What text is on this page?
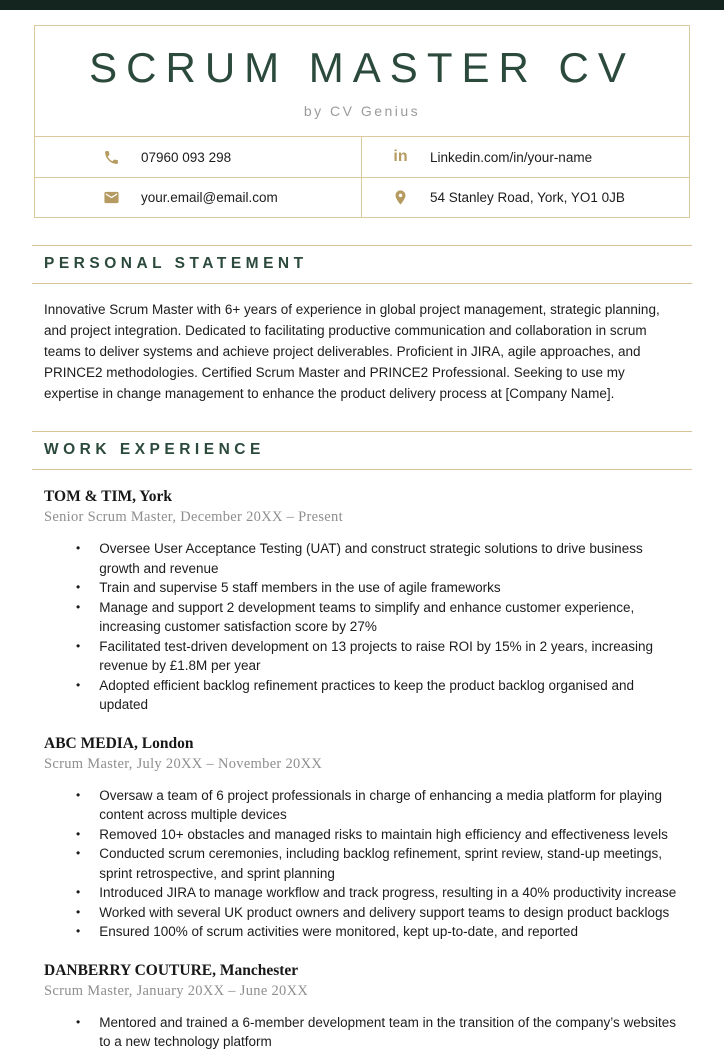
SCRUM MASTER CV
by CV Genius
07960 093 298	in Linkedin.com/in/your-name
your.email@email.com	54 Stanley Road, York, YO1 0JB
PERSONAL STATEMENT

Innovative Scrum Master with 6+ years of experience in global project management, strategic planning, and project integration. Dedicated to facilitating productive communication and collaboration in scrum teams to deliver systems and achieve project deliverables. Proficient in JIRA, agile approaches, and PRINCE2 methodologies. Certified Scrum Master and PRINCE2 Professional. Seeking to use my expertise in change management to enhance the product delivery process at [Company Name].

WORK EXPERIENCE
TOM & TIM, York
Senior Scrum Master, December 20XX – Present
• Oversee User Acceptance Testing (UAT) and construct strategic solutions to drive business growth and revenue
• Train and supervise 5 staff members in the use of agile frameworks
• Manage and support 2 development teams to simplify and enhance customer experience, increasing customer satisfaction score by 27%
• Facilitated test-driven development on 13 projects to raise ROI by 15% in 2 years, increasing revenue by £1.8M per year
• Adopted efficient backlog refinement practices to keep the product backlog organised and updated
ABC MEDIA, London
Scrum Master, July 20XX – November 20XX
• Oversaw a team of 6 project professionals in charge of enhancing a media platform for playing content across multiple devices
• Removed 10+ obstacles and managed risks to maintain high efficiency and effectiveness levels
• Conducted scrum ceremonies, including backlog refinement, sprint review, stand-up meetings, sprint retrospective, and sprint planning
• Introduced JIRA to manage workflow and track progress, resulting in a 40% productivity increase
• Worked with several UK product owners and delivery support teams to design product backlogs
• Ensured 100% of scrum activities were monitored, kept up-to-date, and reported
DANBERRY COUTURE, Manchester
Scrum Master, January 20XX – June 20XX
• Mentored and trained a 6-member development team in the transition of the company’s websites to a new technology platform
